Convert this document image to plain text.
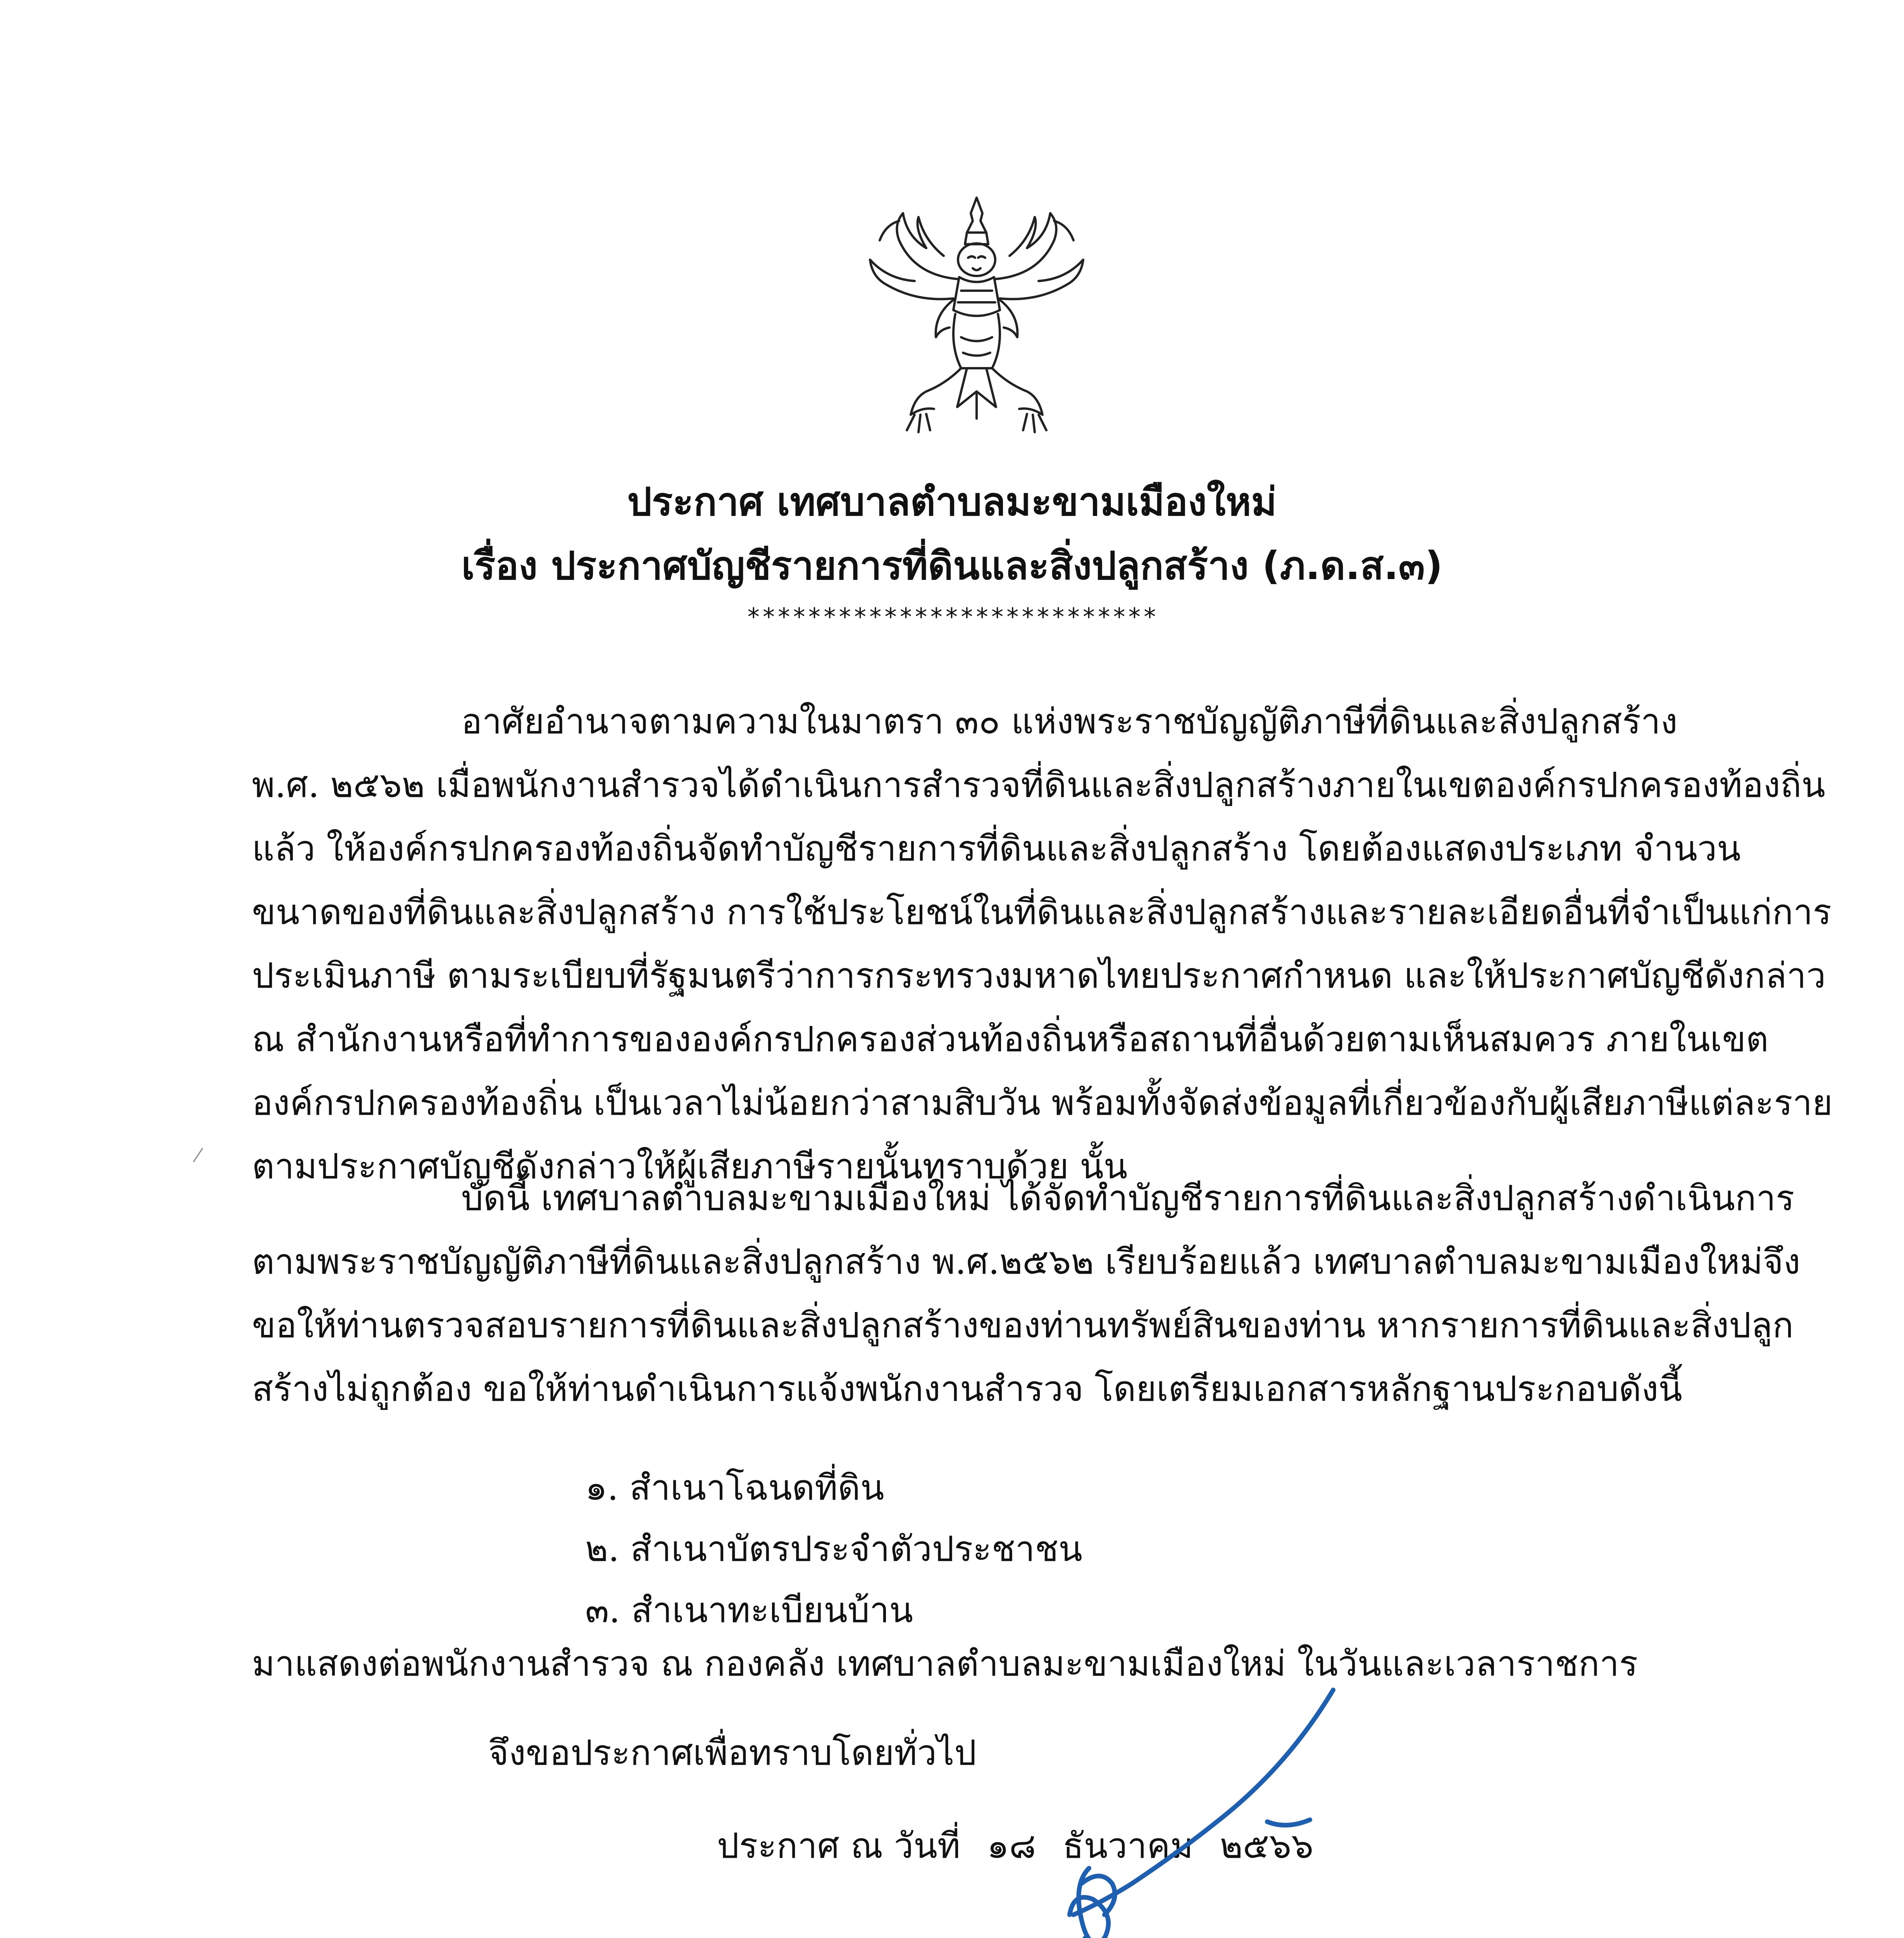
ประกาศ เทศบาลตำบลมะขามเมืองใหม่
เรื่อง ประกาศบัญชีรายการที่ดินและสิ่งปลูกสร้าง (ภ.ด.ส.๓)
***************************
อาศัยอำนาจตามความในมาตรา ๓๐ แห่งพระราชบัญญัติภาษีที่ดินและสิ่งปลูกสร้าง
พ.ศ. ๒๕๖๒ เมื่อพนักงานสำรวจได้ดำเนินการสำรวจที่ดินและสิ่งปลูกสร้างภายในเขตองค์กรปกครองท้องถิ่น
แล้ว ให้องค์กรปกครองท้องถิ่นจัดทำบัญชีรายการที่ดินและสิ่งปลูกสร้าง โดยต้องแสดงประเภท จำนวน
ขนาดของที่ดินและสิ่งปลูกสร้าง การใช้ประโยชน์ในที่ดินและสิ่งปลูกสร้างและรายละเอียดอื่นที่จำเป็นแก่การ
ประเมินภาษี ตามระเบียบที่รัฐมนตรีว่าการกระทรวงมหาดไทยประกาศกำหนด และให้ประกาศบัญชีดังกล่าว
ณ สำนักงานหรือที่ทำการขององค์กรปกครองส่วนท้องถิ่นหรือสถานที่อื่นด้วยตามเห็นสมควร ภายในเขต
องค์กรปกครองท้องถิ่น เป็นเวลาไม่น้อยกว่าสามสิบวัน พร้อมทั้งจัดส่งข้อมูลที่เกี่ยวข้องกับผู้เสียภาษีแต่ละราย
ตามประกาศบัญชีดังกล่าวให้ผู้เสียภาษีรายนั้นทราบด้วย นั้น
บัดนี้ เทศบาลตำบลมะขามเมืองใหม่ ได้จัดทำบัญชีรายการที่ดินและสิ่งปลูกสร้างดำเนินการ
ตามพระราชบัญญัติภาษีที่ดินและสิ่งปลูกสร้าง พ.ศ.๒๕๖๒ เรียบร้อยแล้ว เทศบาลตำบลมะขามเมืองใหม่จึง
ขอให้ท่านตรวจสอบรายการที่ดินและสิ่งปลูกสร้างของท่านทรัพย์สินของท่าน หากรายการที่ดินและสิ่งปลูก
สร้างไม่ถูกต้อง ขอให้ท่านดำเนินการแจ้งพนักงานสำรวจ โดยเตรียมเอกสารหลักฐานประกอบดังนี้
๑. สำเนาโฉนดที่ดิน
๒. สำเนาบัตรประจำตัวประชาชน
๓. สำเนาทะเบียนบ้าน
มาแสดงต่อพนักงานสำรวจ ณ กองคลัง เทศบาลตำบลมะขามเมืองใหม่ ในวันและเวลาราชการ
จึงขอประกาศเพื่อทราบโดยทั่วไป
ประกาศ ณ วันที่ ๑๘ ธันวาคม ๒๕๖๖
